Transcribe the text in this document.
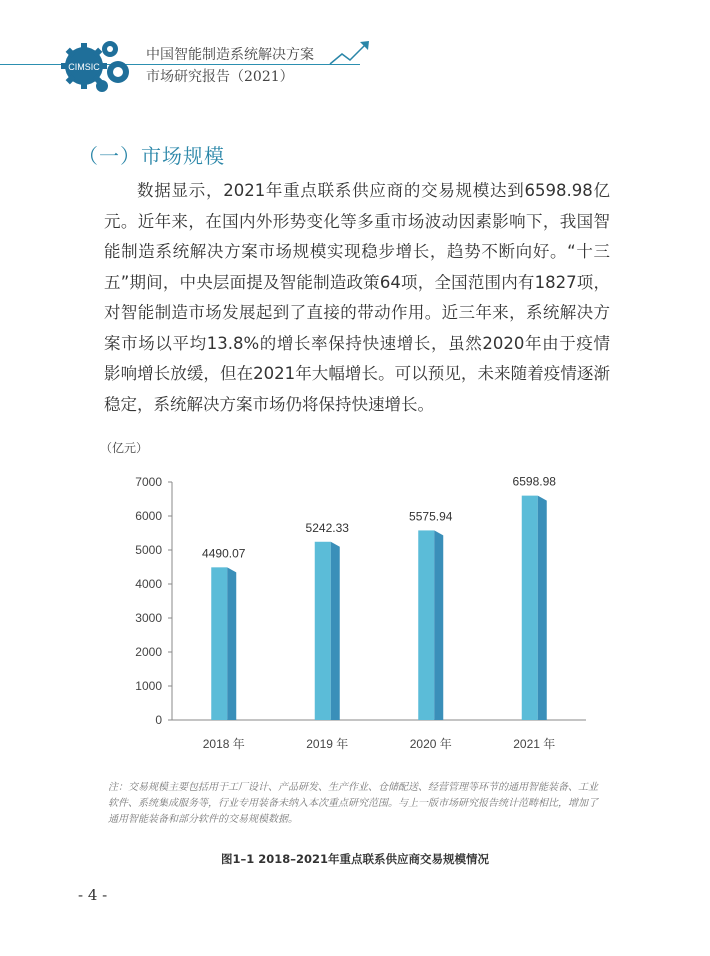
CIMSIC
中国智能制造系统解决方案
市场研究报告（2021）
（一）市场规模

数据显示，2021年重点联系供应商的交易规模达到6598.98亿元。近年来，在国内外形势变化等多重市场波动因素影响下，我国智能制造系统解决方案市场规模实现稳步增长，趋势不断向好。“十三五”期间，中央层面提及智能制造政策64项，全国范围内有1827项，对智能制造市场发展起到了直接的带动作用。近三年来，系统解决方案市场以平均13.8%的增长率保持快速增长，虽然2020年由于疫情影响增长放缓，但在2021年大幅增长。可以预见，未来随着疫情逐渐稳定，系统解决方案市场仍将保持快速增长。

（亿元）
0
1000
2000
3000
4000
5000
6000
7000
4490.07
5242.33
5575.94
6598.98
2018 年	2019 年	2020 年	2021 年

注：交易规模主要包括用于工厂设计、产品研发、生产作业、仓储配送、经营管理等环节的通用智能装备、工业软件、系统集成服务等，行业专用装备未纳入本次重点研究范围。与上一版市场研究报告统计范畴相比，增加了通用智能装备和部分软件的交易规模数据。

图1–1 2018–2021年重点联系供应商交易规模情况

- 4 -
